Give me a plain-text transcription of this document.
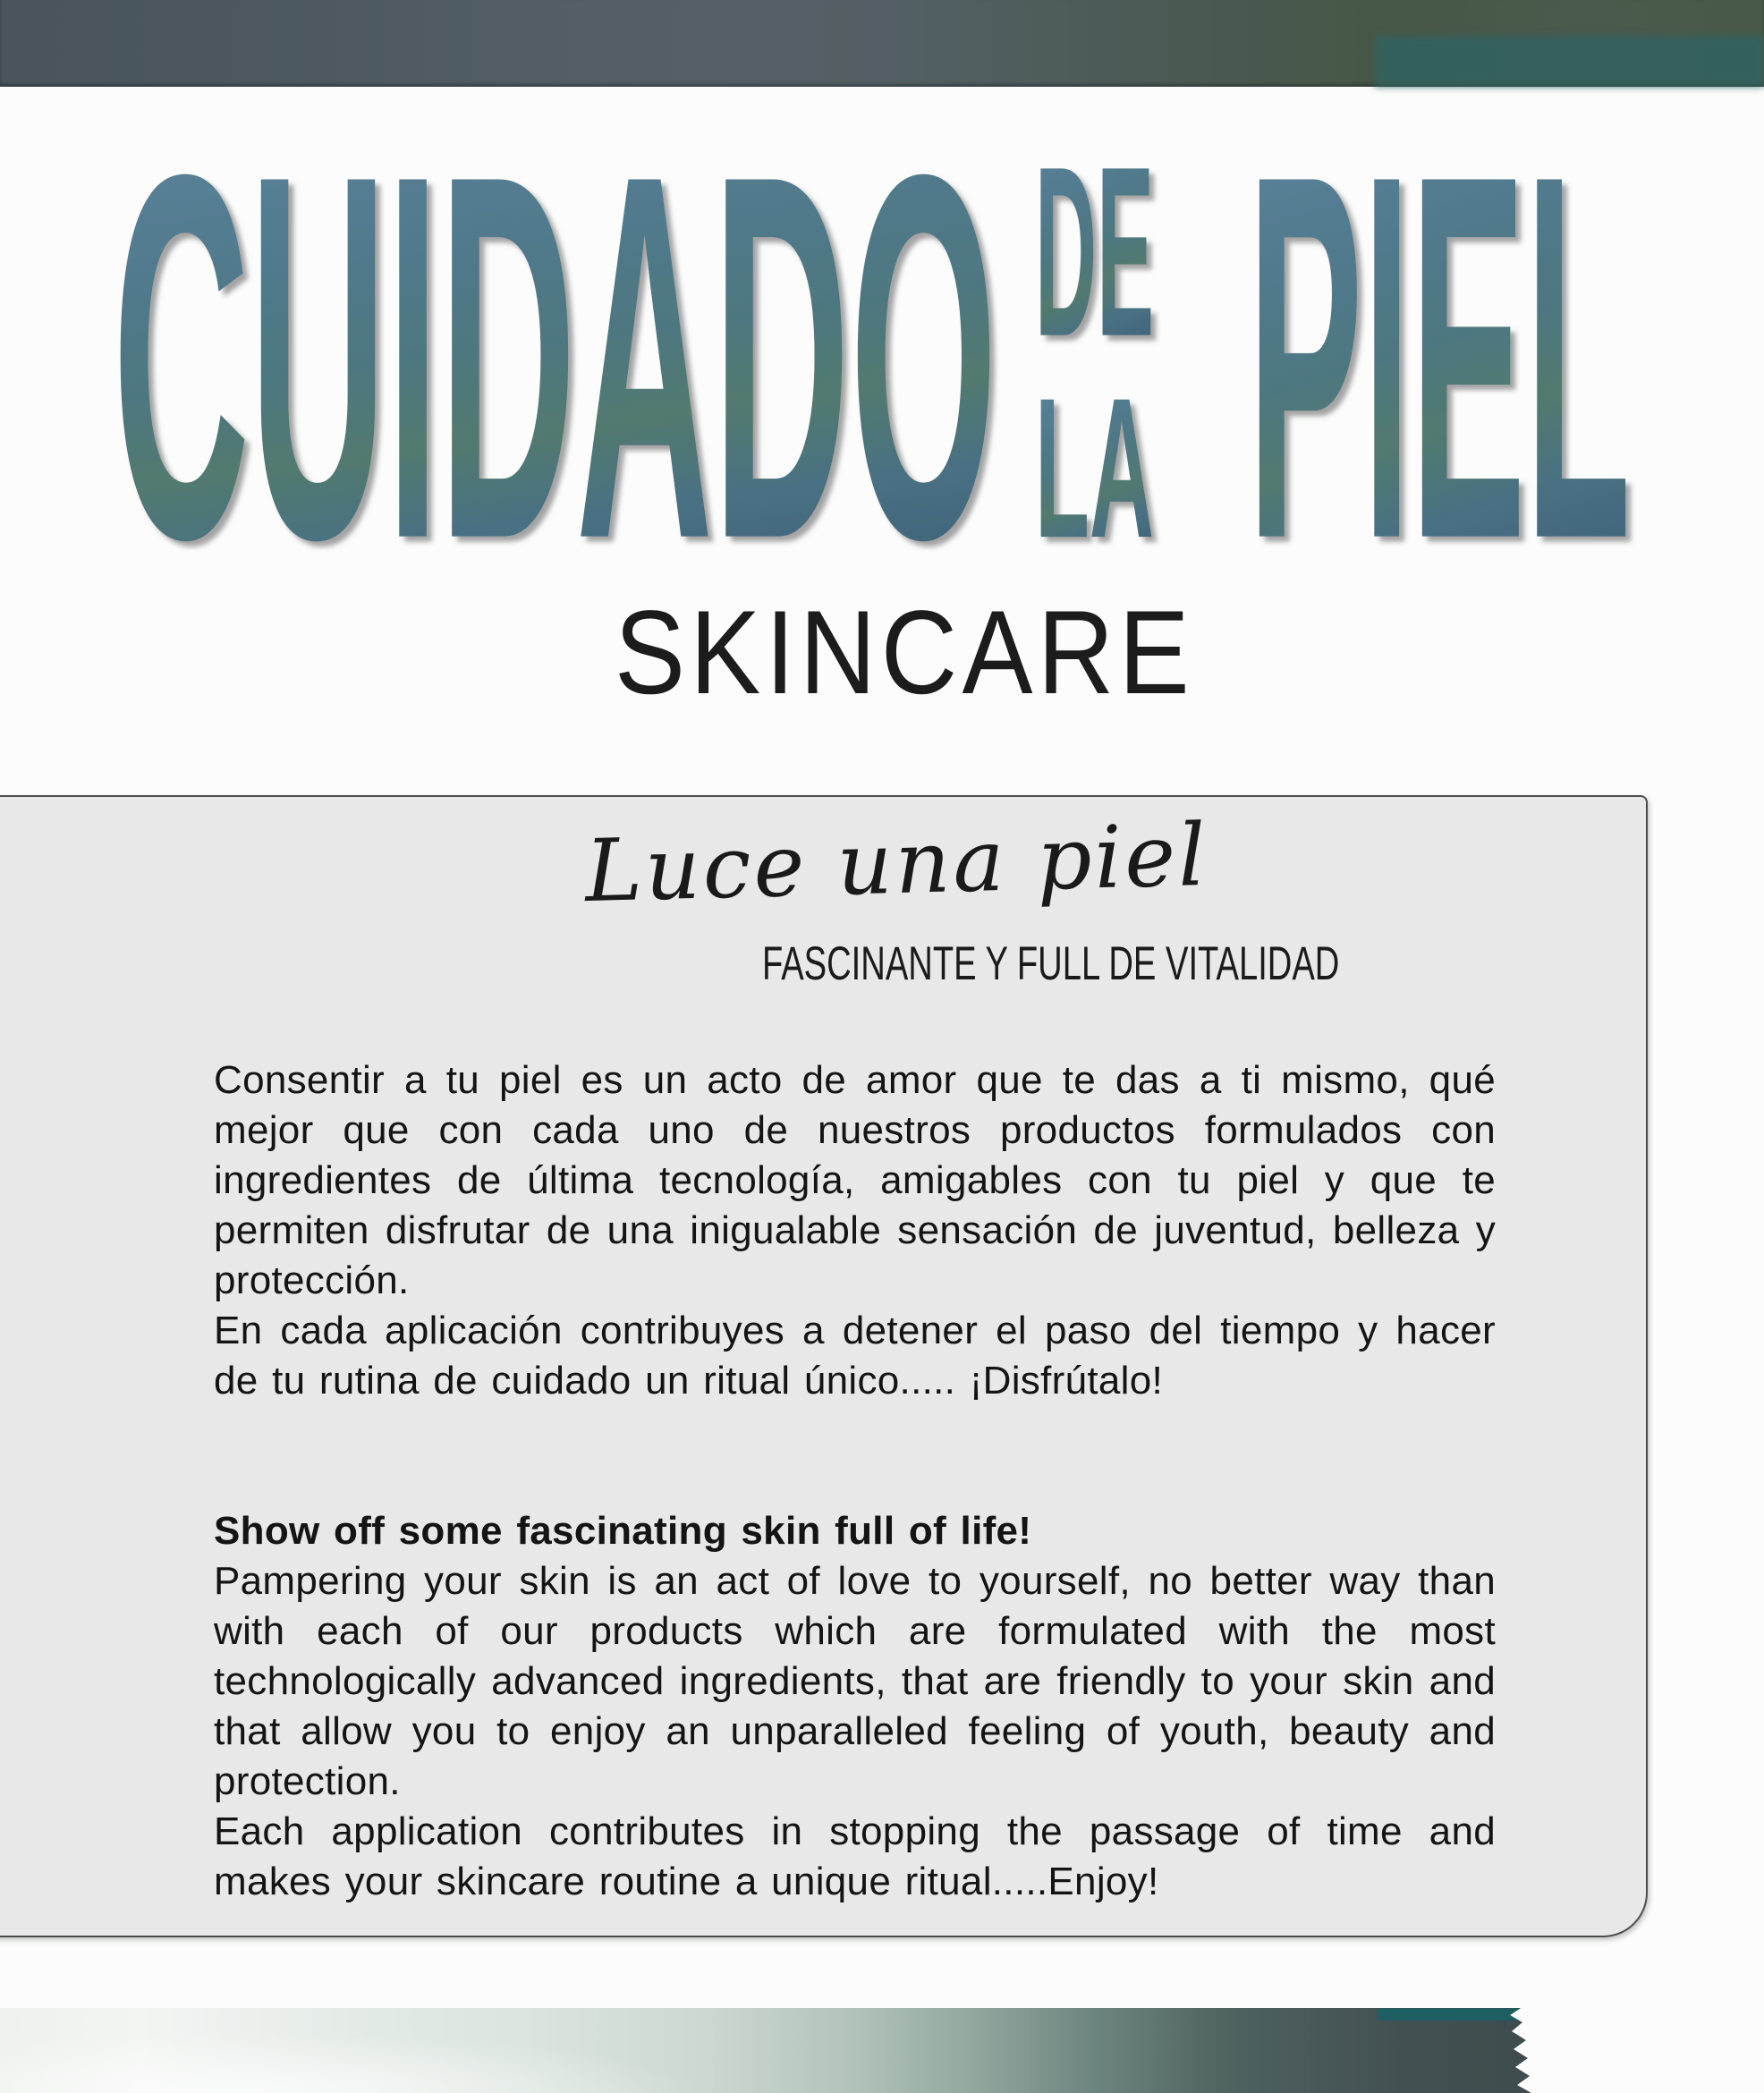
CUIDADO DE
LA PIEL
SKINCARE
Luce una piel
FASCINANTE Y FULL DE VITALIDAD

Consentir a tu piel es un acto de amor que te das a ti mismo, qué mejor que con cada uno de nuestros productos formulados con ingredientes de última tecnología, amigables con tu piel y que te permiten disfrutar de una inigualable sensación de juventud, belleza y protección.

En cada aplicación contribuyes a detener el paso del tiempo y hacer de tu rutina de cuidado un ritual único..... ¡Disfrútalo!

Show off some fascinating skin full of life!

Pampering your skin is an act of love to yourself, no better way than with each of our products which are formulated with the most technologically advanced ingredients, that are friendly to your skin and that allow you to enjoy an unparalleled feeling of youth, beauty and protection.

Each application contributes in stopping the passage of time and makes your skincare routine a unique ritual.....Enjoy!
